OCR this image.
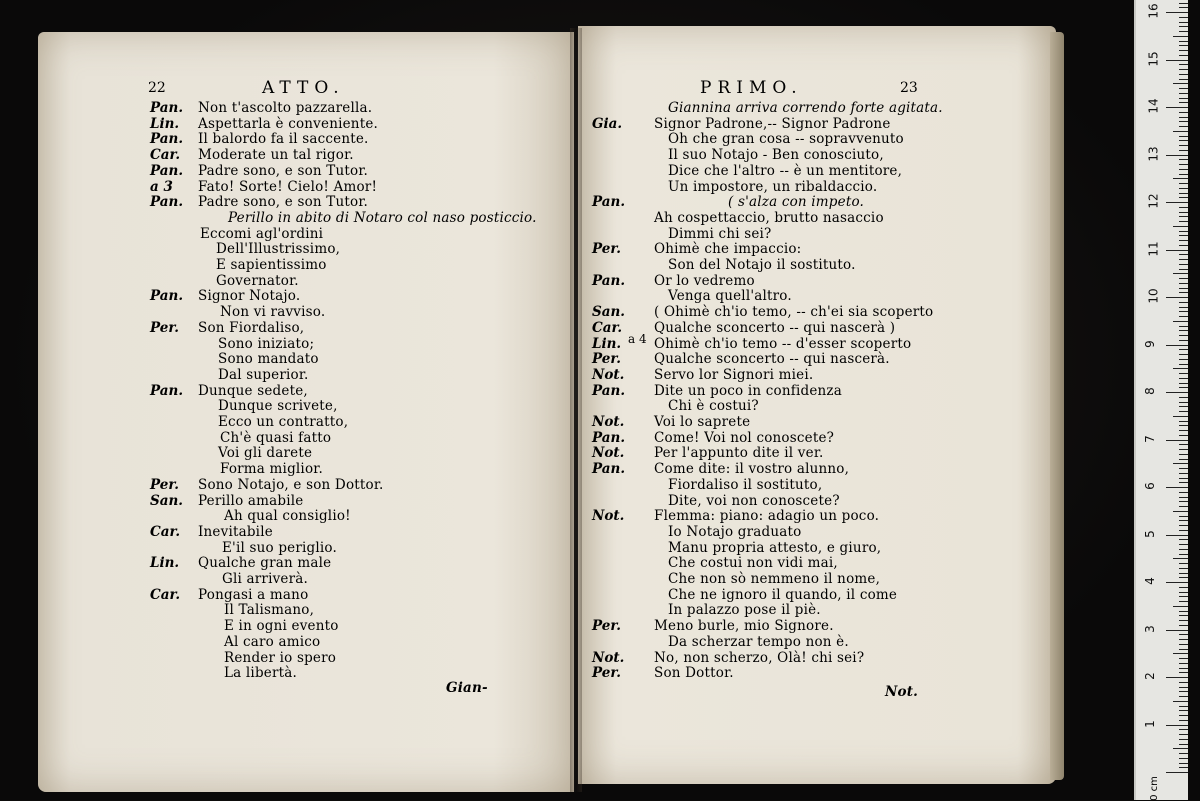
22	ATTO.
Gian-
Pan. Non t'ascolto pazzarella.
Lin. Aspettarla è conveniente.
Pan. Il balordo fa il saccente.
Car. Moderate un tal rigor.
Pan. Padre sono, e son Tutor.
a 3 Fato! Sorte! Cielo! Amor!
Pan. Padre sono, e son Tutor.
Perillo in abito di Notaro col naso posticcio.
Eccomi agl'ordini
Dell'Illustrissimo,
E sapientissimo
Governator.
Pan. Signor Notajo.
Non vi ravviso.
Per. Son Fiordaliso,
Sono iniziato;
Sono mandato
Dal superior.
Pan. Dunque sedete,
Dunque scrivete,
Ecco un contratto,
Ch'è quasi fatto
Voi gli darete
Forma miglior.
Per. Sono Notajo, e son Dottor.
San. Perillo amabile
Ah qual consiglio!
Car. Inevitabile
E'il suo periglio.
Lin. Qualche gran male
Gli arriverà.
Car. Pongasi a mano
Il Talismano,
E in ogni evento
Al caro amico
Render io spero
La libertà.
PRIMO.	23
a 4
Not.
Giannina arriva correndo forte agitata.
Gia. Signor Padrone,-- Signor Padrone
Oh che gran cosa -- sopravvenuto
Il suo Notajo - Ben conosciuto,
Dice che l'altro -- è un mentitore,
Un impostore, un ribaldaccio.
Pan.	( s'alza con impeto.
Ah cospettaccio, brutto nasaccio
Dimmi chi sei?
Per. Ohimè che impaccio:
Son del Notajo il sostituto.
Pan. Or lo vedremo
Venga quell'altro.
San. ( Ohimè ch'io temo, -- ch'ei sia scoperto
Car. Qualche sconcerto -- qui nascerà )
Lin. Ohimè ch'io temo -- d'esser scoperto
Per. Qualche sconcerto -- qui nascerà.
Not. Servo lor Signori miei.
Pan. Dite un poco in confidenza
Chi è costui?
Not. Voi lo saprete
Pan. Come! Voi nol conoscete?
Not. Per l'appunto dite il ver.
Pan. Come dite: il vostro alunno,
Fiordaliso il sostituto,
Dite, voi non conoscete?
Not. Flemma: piano: adagio un poco.
Io Notajo graduato
Manu propria attesto, e giuro,
Che costui non vidi mai,
Che non sò nemmeno il nome,
Che ne ignoro il quando, il come
In palazzo pose il piè.
Per. Meno burle, mio Signore.
Da scherzar tempo non è.
Not. No, non scherzo, Olà! chi sei?
Per. Son Dottor.
0 cm
1
2
3
4
5
6
7
8
9
10
11
12
13
14
15
16
